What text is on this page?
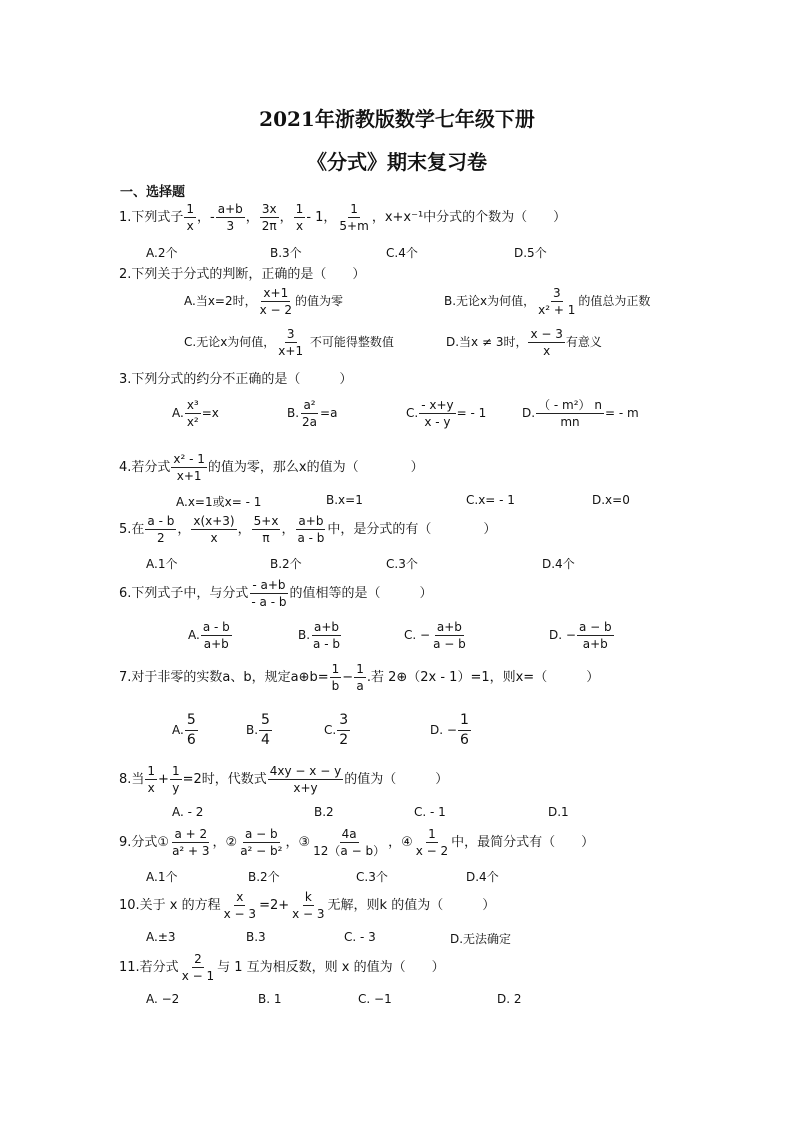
2021年浙教版数学七年级下册
《分式》期末复习卷
一、选择题
1.下列式子 $\frac{1}{x}$ ，- $\frac{a+b}{3}$ ， $\frac{3x}{2\pi}$ ， $\frac{1}{x} - 1$， $\frac{1}{5+m}$ ，x+x⁻¹中分式的个数为（　　）
A.2个	B.3个	C.4个	D.5个
2.下列关于分式的判断，正确的是（　　）
A.当x=2时， $\frac{x+1}{x - 2}$ 的值为零	B.无论x为何值， $\frac{3}{\text{x² + 1}}$ 的值总为正数
C.无论x为何值， $\frac{3}{x+1}$ 不可能得整数值	D.当x ≠ 3时， $\frac{x - 3}{x}$ 有意义
3.下列分式的约分不正确的是（　　　）
A. $\frac{\text{x³}}{\text{x²}} =x$	B. $\frac{\text{a²}}{2a} =a$	C. $\frac{- x+y}{x - y}$ = - 1	D. $\frac{\text{（ - m²） n}}{mn}$ = - m
4.若分式 $\frac{\text{x² - 1}}{x+1}$ 的值为零，那么x的值为（　　　　）
A.x=1或x= - 1	B.x=1	C.x= - 1	D.x=0
5.在 $\frac{a - b}{2}$ ， $\frac{x(x+3)}{x}$ ， $\frac{5+x}{\pi}$ ， $\frac{a+b}{a - b}$ 中，是分式的有（　　　　）
A.1个	B.2个	C.3个	D.4个
6.下列式子中，与分式 $\frac{- a+b}{- a - b}$ 的值相等的是（　　　）
A. $\frac{a - b}{a+b}$	B. $\frac{a+b}{a - b}$	C. − $\frac{a+b}{a - b}$	D. − $\frac{a - b}{a+b}$
7.对于非零的实数a、b，规定a⊕b= $\frac{1}{b} - \frac{1}{a}$ .若 2⊕（2x - 1）=1，则x=（　　　）
A. $\frac{5}{6}$	B. $\frac{5}{4}$	C. $\frac{3}{2}$	D. − $\frac{1}{6}$
8.当 $\frac{1}{x} + \frac{1}{y} =2$时，代数式 $\frac{4xy - x - y}{x+y}$ 的值为（　　　）
A. - 2	B.2	C. - 1	D.1
9.分式① $\frac{a + 2}{\text{a² + 3}}$ ，② $\frac{a - b}{\text{a² − b²}}$ ，③ $\frac{4a}{12(a - b)}$ ，④ $\frac{1}{x - 2}$ 中，最简分式有（　　）
A.1个	B.2个	C.3个	D.4个
10.关于 x 的方程 $\frac{x}{x - 3} =2+ \frac{k}{x - 3}$ 无解，则k 的值为（　　　）
A.±3	B.3	C. - 3	D.无法确定
11.若分式 $\frac{2}{x - 1}$ 与 1 互为相反数，则 x 的值为（　　）
A. −2	B. 1	C. −1	D. 2
